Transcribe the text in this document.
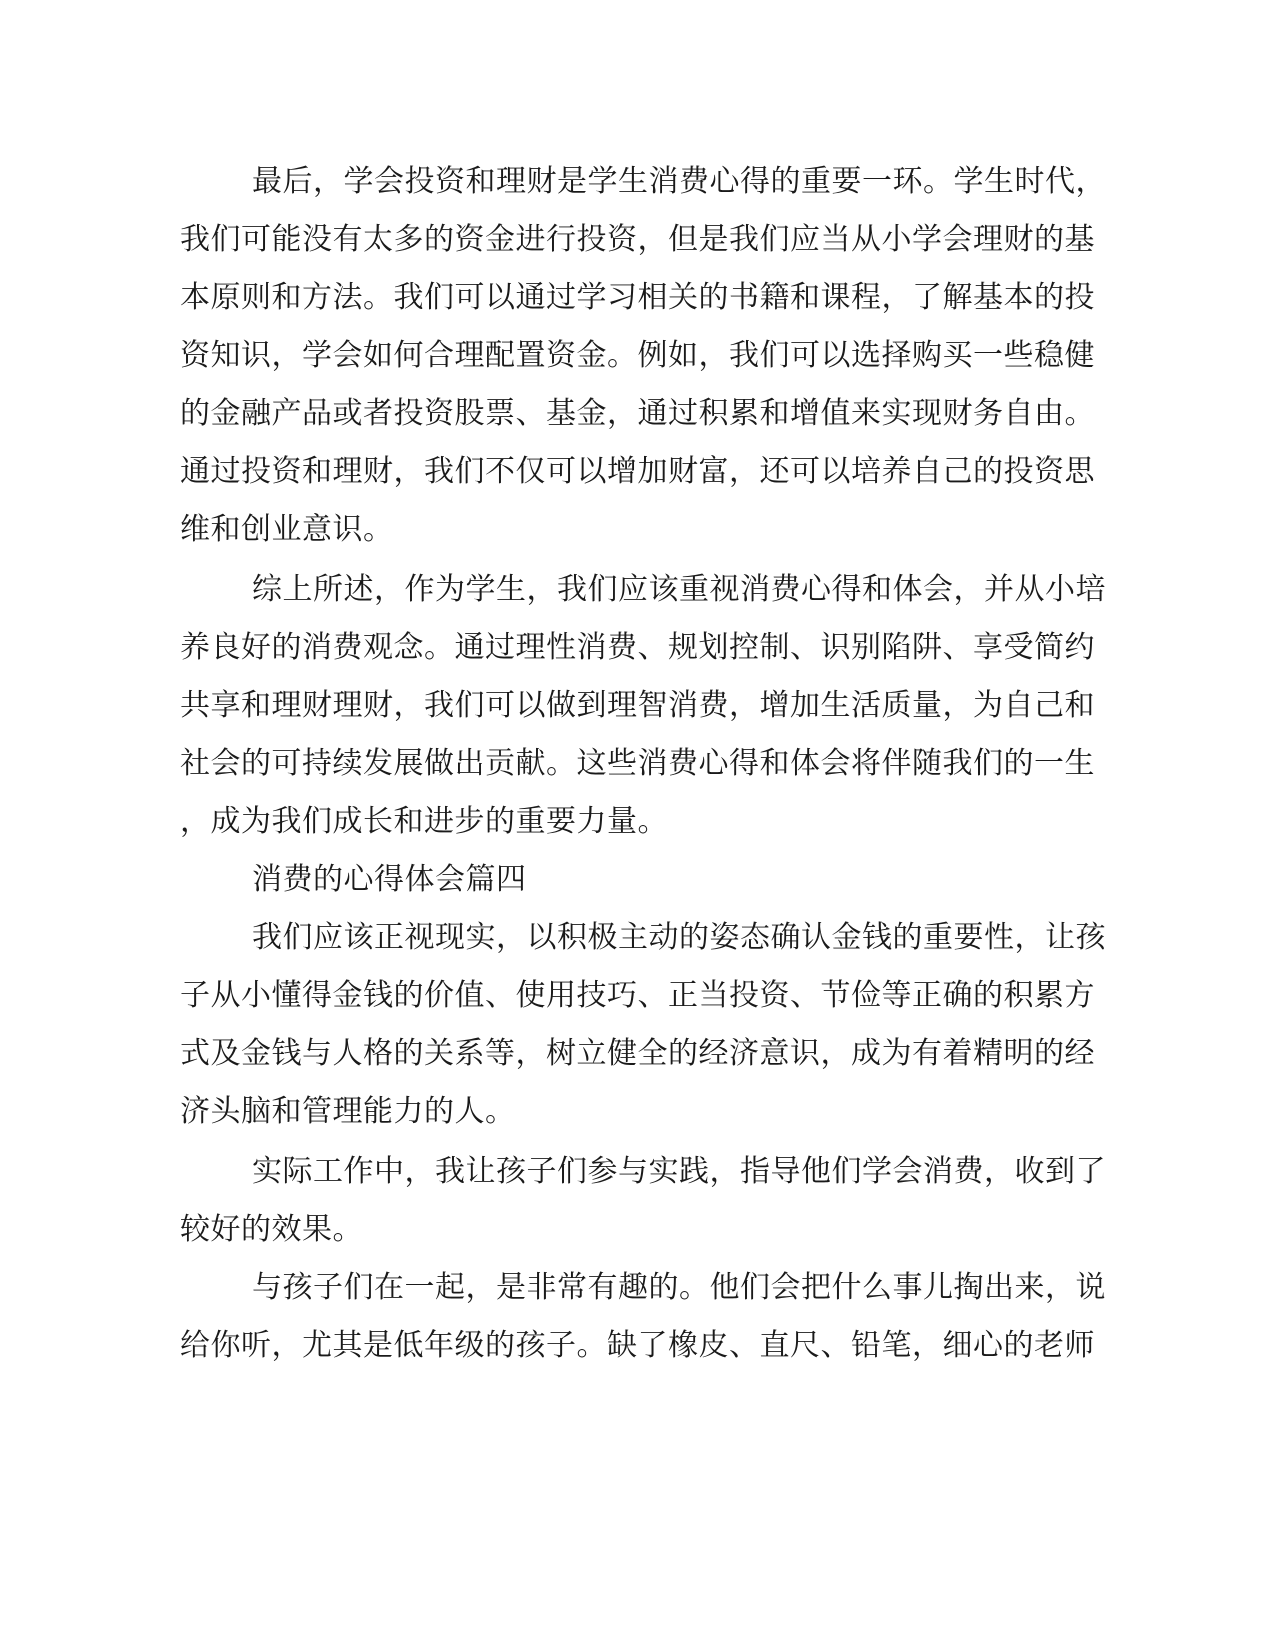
最后，学会投资和理财是学生消费心得的重要一环。学生时代，
我们可能没有太多的资金进行投资，但是我们应当从小学会理财的基
本原则和方法。我们可以通过学习相关的书籍和课程，了解基本的投
资知识，学会如何合理配置资金。例如，我们可以选择购买一些稳健
的金融产品或者投资股票、基金，通过积累和增值来实现财务自由。
通过投资和理财，我们不仅可以增加财富，还可以培养自己的投资思
维和创业意识。
综上所述，作为学生，我们应该重视消费心得和体会，并从小培
养良好的消费观念。通过理性消费、规划控制、识别陷阱、享受简约
共享和理财理财，我们可以做到理智消费，增加生活质量，为自己和
社会的可持续发展做出贡献。这些消费心得和体会将伴随我们的一生
，成为我们成长和进步的重要力量。
消费的心得体会篇四
我们应该正视现实，以积极主动的姿态确认金钱的重要性，让孩
子从小懂得金钱的价值、使用技巧、正当投资、节俭等正确的积累方
式及金钱与人格的关系等，树立健全的经济意识，成为有着精明的经
济头脑和管理能力的人。
实际工作中，我让孩子们参与实践，指导他们学会消费，收到了
较好的效果。
与孩子们在一起，是非常有趣的。他们会把什么事儿掏出来，说
给你听，尤其是低年级的孩子。缺了橡皮、直尺、铅笔，细心的老师
